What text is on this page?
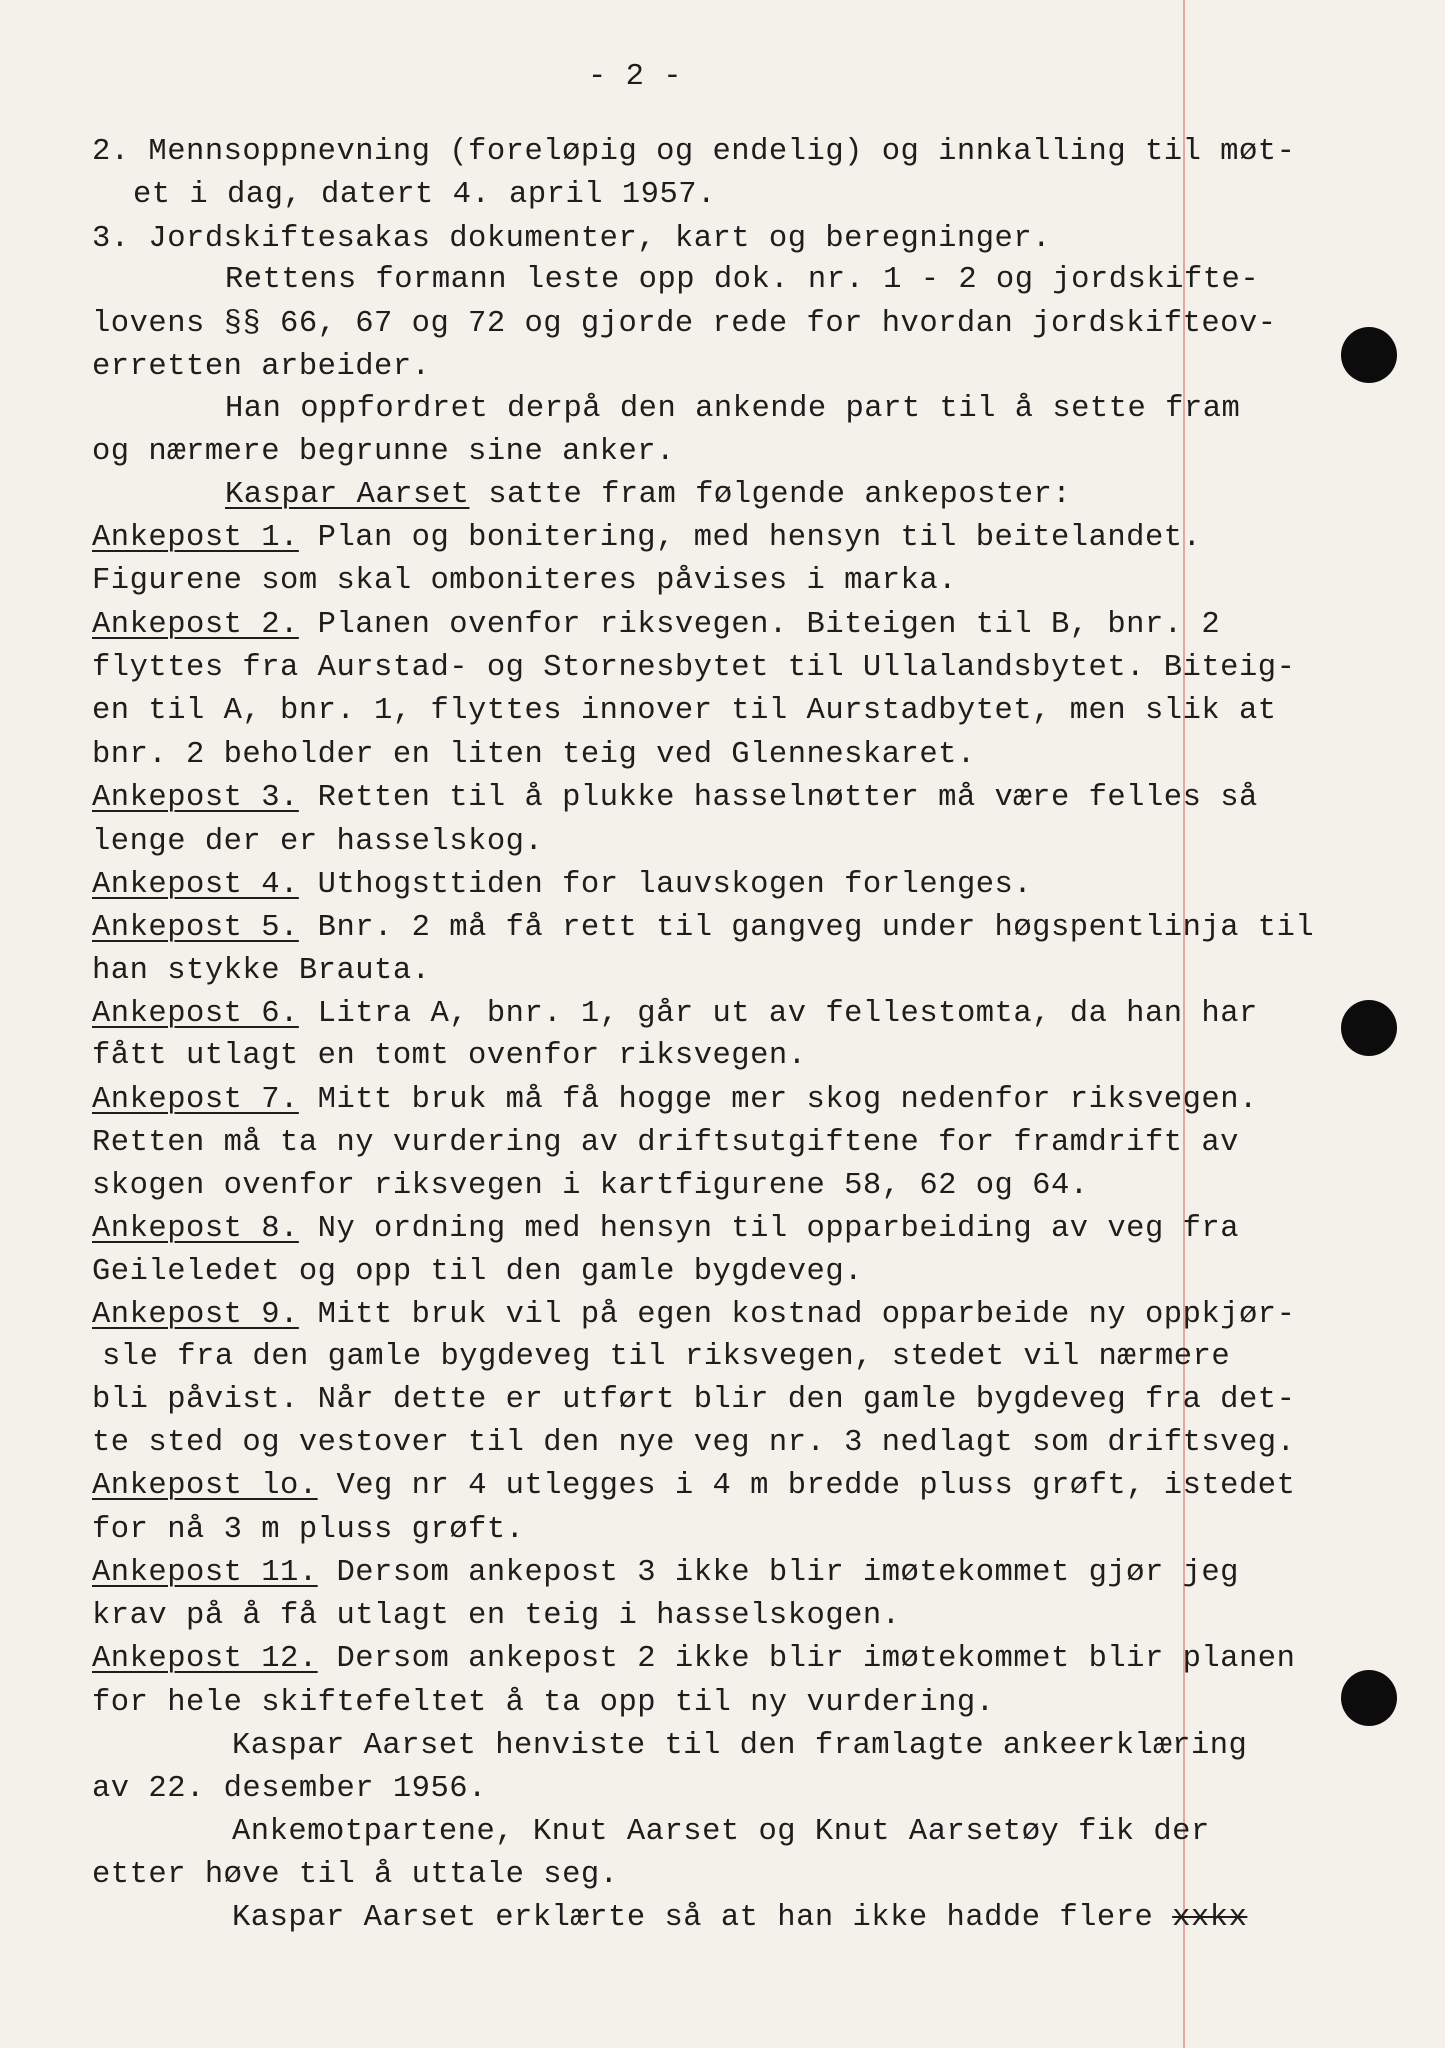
- 2 -
2. Mennsoppnevning (foreløpig og endelig) og innkalling til møt-
et i dag, datert 4. april 1957.
3. Jordskiftesakas dokumenter, kart og beregninger.
Rettens formann leste opp dok. nr. 1 - 2 og jordskifte-
lovens §§ 66, 67 og 72 og gjorde rede for hvordan jordskifteov-
erretten arbeider.
Han oppfordret derpå den ankende part til å sette fram
og nærmere begrunne sine anker.
Kaspar Aarset satte fram følgende ankeposter:
Ankepost 1. Plan og bonitering, med hensyn til beitelandet.
Figurene som skal omboniteres påvises i marka.
Ankepost 2. Planen ovenfor riksvegen. Biteigen til B, bnr. 2
flyttes fra Aurstad- og Stornesbytet til Ullalandsbytet. Biteig-
en til A, bnr. 1, flyttes innover til Aurstadbytet, men slik at
bnr. 2 beholder en liten teig ved Glenneskaret.
Ankepost 3. Retten til å plukke hasselnøtter må være felles så
lenge der er hasselskog.
Ankepost 4. Uthogsttiden for lauvskogen forlenges.
Ankepost 5. Bnr. 2 må få rett til gangveg under høgspentlinja til
han stykke Brauta.
Ankepost 6. Litra A, bnr. 1, går ut av fellestomta, da han har
fått utlagt en tomt ovenfor riksvegen.
Ankepost 7. Mitt bruk må få hogge mer skog nedenfor riksvegen.
Retten må ta ny vurdering av driftsutgiftene for framdrift av
skogen ovenfor riksvegen i kartfigurene 58, 62 og 64.
Ankepost 8. Ny ordning med hensyn til opparbeiding av veg fra
Geileledet og opp til den gamle bygdeveg.
Ankepost 9. Mitt bruk vil på egen kostnad opparbeide ny oppkjør-
sle fra den gamle bygdeveg til riksvegen, stedet vil nærmere
bli påvist. Når dette er utført blir den gamle bygdeveg fra det-
te sted og vestover til den nye veg nr. 3 nedlagt som driftsveg.
Ankepost lo. Veg nr 4 utlegges i 4 m bredde pluss grøft, istedet
for nå 3 m pluss grøft.
Ankepost 11. Dersom ankepost 3 ikke blir imøtekommet gjør jeg
krav på å få utlagt en teig i hasselskogen.
Ankepost 12. Dersom ankepost 2 ikke blir imøtekommet blir planen
for hele skiftefeltet å ta opp til ny vurdering.
Kaspar Aarset henviste til den framlagte ankeerklæring
av 22. desember 1956.
Ankemotpartene, Knut Aarset og Knut Aarsetøy fik der
etter høve til å uttale seg.
Kaspar Aarset erklærte så at han ikke hadde flere xxkx
